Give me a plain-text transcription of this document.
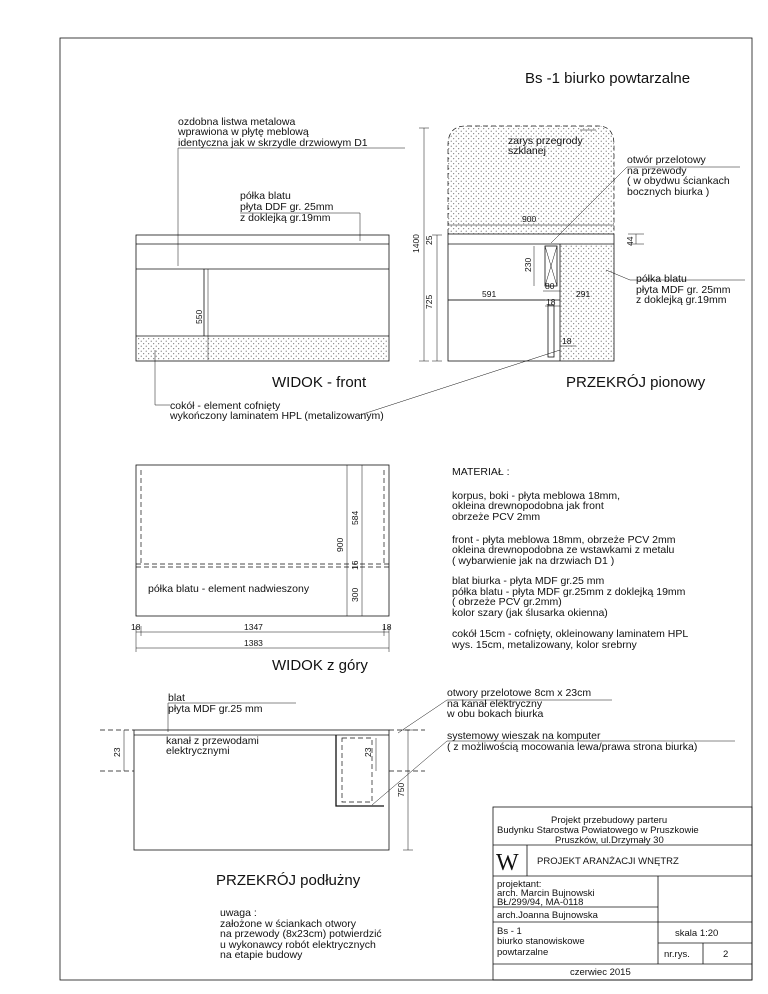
Bs -1 biurko powtarzalne
550
ozdobna listwa metalowa
wprawiona w płytę meblową
identyczna jak w skrzydle drzwiowym D1
półka blatu
płyta DDF gr. 25mm
z doklejką gr.19mm
WIDOK - front
cokół - element cofnięty
wykończony laminatem HPL (metalizowanym)
1400
725
25
zarys przegrody
szklanej
otwór przelotowy
na przewody
( w obydwu ściankach
bocznych biurka )
900
44
230
80
591	291
18
18
półka blatu
płyta MDF gr. 25mm
z doklejką gr.19mm
PRZEKRÓJ pionowy
900
584
16
300
półka blatu - element nadwieszony
18	1347	18
1383
WIDOK z góry
MATERIAŁ :
korpus, boki - płyta meblowa 18mm,
okleina drewnopodobna jak front
obrzeże PCV 2mm
front - płyta meblowa 18mm, obrzeże PCV 2mm
okleina drewnopodobna ze wstawkami z metalu
( wybarwienie jak na drzwiach D1 )
blat biurka - płyta MDF gr.25 mm
półka blatu - płyta MDF gr.25mm z doklejką 19mm
( obrzeże PCV gr.2mm)
kolor szary (jak ślusarka okienna)
cokół 15cm - cofnięty, okleinowany laminatem HPL
wys. 15cm, metalizowany, kolor srebrny
23	23
750
blat
płyta MDF gr.25 mm
kanał z przewodami
elektrycznymi
otwory przelotowe 8cm x 23cm
na kanał elektryczny
w obu bokach biurka
systemowy wieszak na komputer
( z możliwością mocowania lewa/prawa strona biurka)
PRZEKRÓJ podłużny
uwaga :
założone w ściankach otwory
na przewody (8x23cm) potwierdzić
u wykonawcy robót elektrycznych
na etapie budowy
Projekt przebudowy parteru
Budynku Starostwa Powiatowego w Pruszkowie
Pruszków, ul.Drzymały 30
W PROJEKT ARANŻACJI WNĘTRZ
projektant:
arch. Marcin Bujnowski
BŁ/299/94, MA-0118
arch.Joanna Bujnowska
Bs - 1
biurko stanowiskowe
powtarzalne
skala 1:20
nr.rys.	2
czerwiec 2015
